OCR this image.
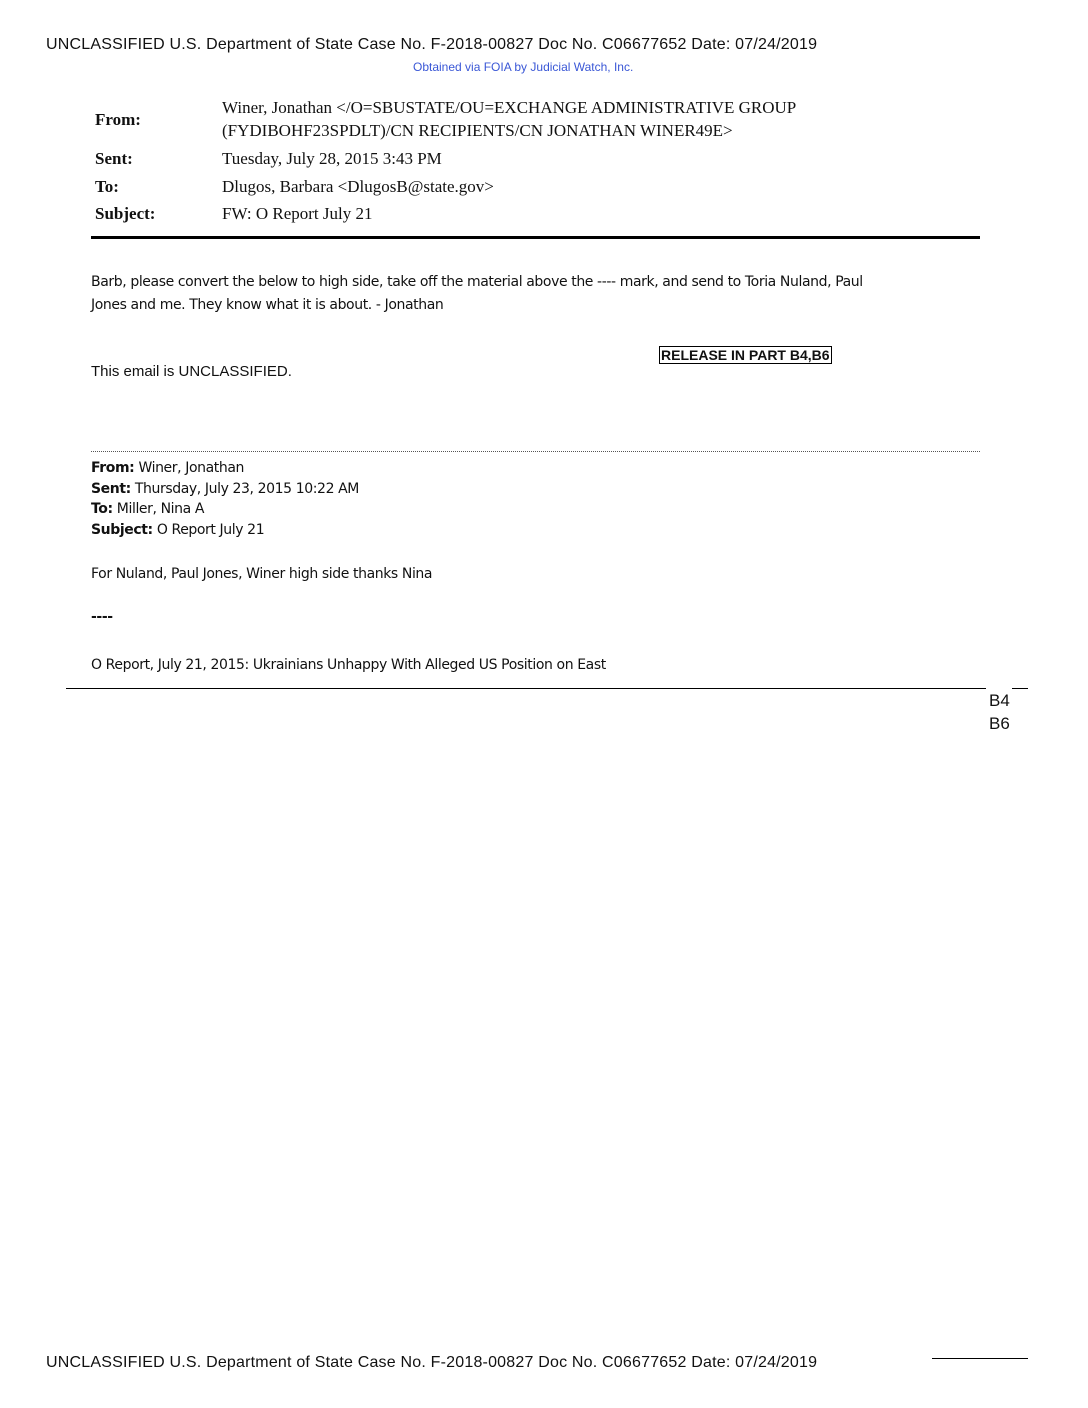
UNCLASSIFIED U.S. Department of State Case No. F-2018-00827 Doc No. C06677652 Date: 07/24/2019
Obtained via FOIA by Judicial Watch, Inc.
From:
Winer, Jonathan </O=SBUSTATE/OU=EXCHANGE ADMINISTRATIVE GROUP
(FYDIBOHF23SPDLT)/CN RECIPIENTS/CN JONATHAN WINER49E>
Sent:	Tuesday, July 28, 2015 3:43 PM
To:	Dlugos, Barbara <DlugosB@state.gov>
Subject:	FW: O Report July 21
Barb, please convert the below to high side, take off the material above the ---- mark, and send to Toria Nuland, Paul
Jones and me. They know what it is about. - Jonathan
RELEASE IN PART B4,B6
This email is UNCLASSIFIED.
From: Winer, Jonathan
Sent: Thursday, July 23, 2015 10:22 AM
To: Miller, Nina A
Subject: O Report July 21
For Nuland, Paul Jones, Winer high side thanks Nina
----
O Report, July 21, 2015: Ukrainians Unhappy With Alleged US Position on East
B4
B6
UNCLASSIFIED U.S. Department of State Case No. F-2018-00827 Doc No. C06677652 Date: 07/24/2019
